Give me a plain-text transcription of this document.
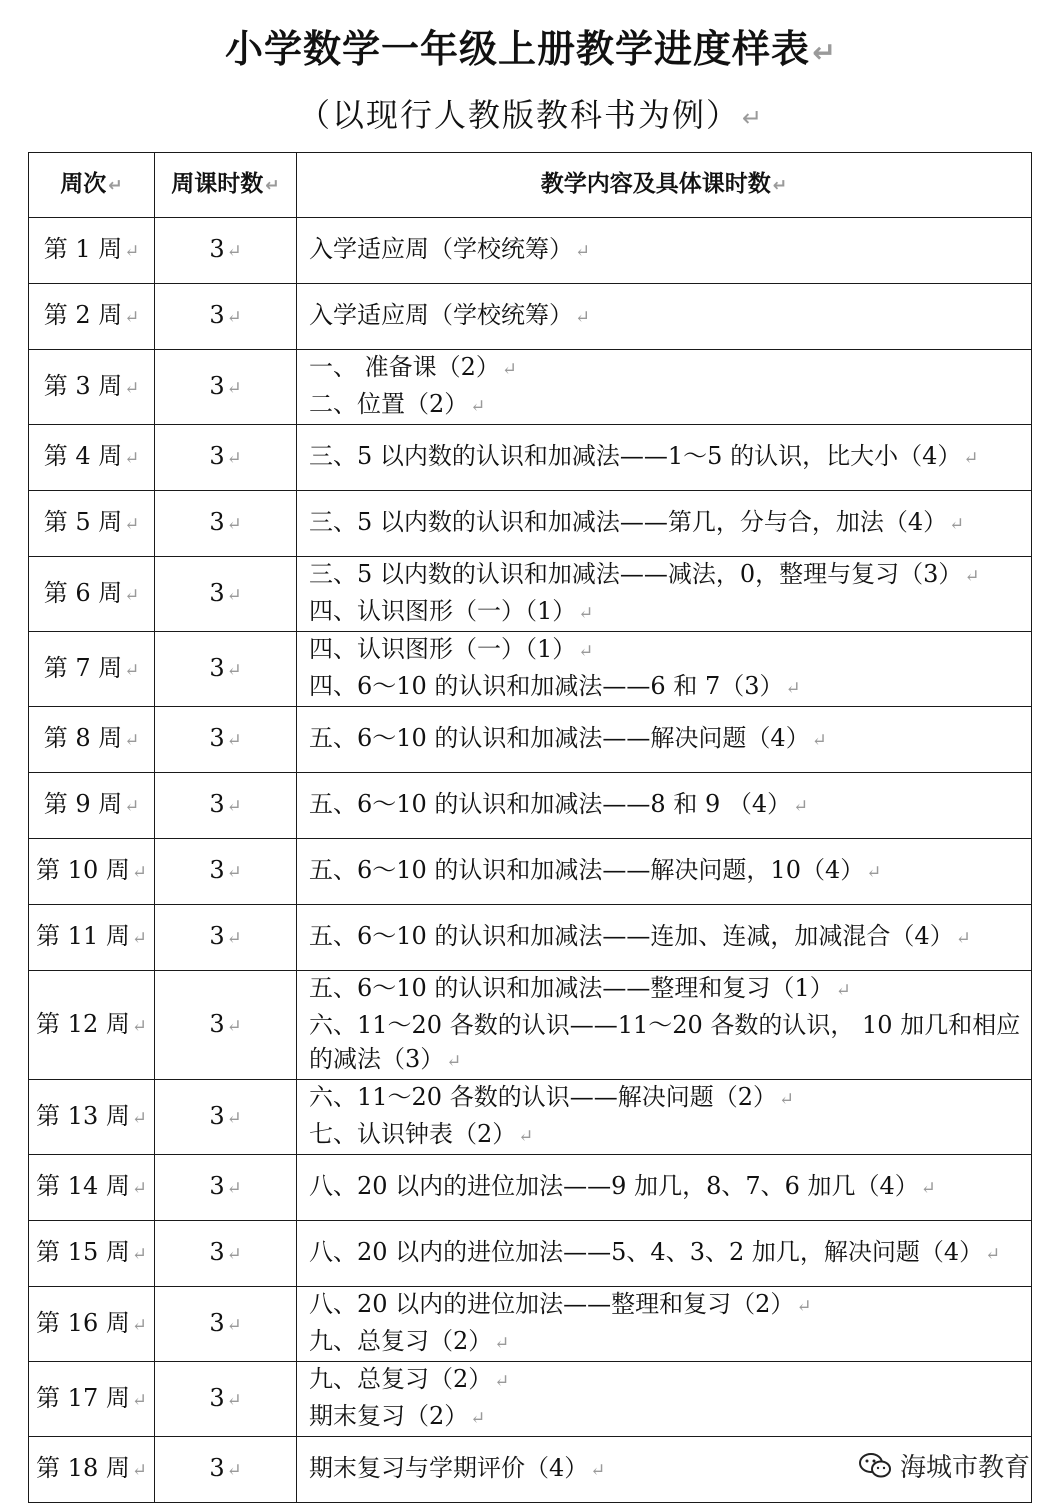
小学数学一年级上册教学进度样表↵
（以现行人教版教科书为例）↵
周次 ↵	周课时数 ↵	教学内容及具体课时数 ↵
第 1 周 ↵	3 ↵	入学适应周（学校统筹） ↵

第 2 周 ↵	3 ↵	入学适应周（学校统筹） ↵

第 3 周 ↵	3 ↵	一、 准备课（2） ↵
二、位置（2） ↵

第 4 周 ↵	3 ↵	三、5 以内数的认识和加减法——1～5 的认识，比大小（4） ↵

第 5 周 ↵	3 ↵	三、5 以内数的认识和加减法——第几，分与合，加法（4） ↵

第 6 周 ↵	3 ↵	三、5 以内数的认识和加减法——减法，0，整理与复习（3） ↵
四、认识图形（一）（1） ↵

第 7 周 ↵	3 ↵	四、认识图形（一）（1） ↵
四、6～10 的认识和加减法——6 和 7（3） ↵

第 8 周 ↵	3 ↵	五、6～10 的认识和加减法——解决问题（4） ↵

第 9 周 ↵	3 ↵	五、6～10 的认识和加减法——8 和 9 （4） ↵

第 10 周 ↵	3 ↵	五、6～10 的认识和加减法——解决问题，10（4） ↵

第 11 周 ↵	3 ↵	五、6～10 的认识和加减法——连加、连减，加减混合（4） ↵

第 12 周 ↵	3 ↵	五、6～10 的认识和加减法——整理和复习（1） ↵
六、11～20 各数的认识——11～20 各数的认识， 10 加几和相应的减法（3） ↵

第 13 周 ↵	3 ↵	六、11～20 各数的认识——解决问题（2） ↵
七、认识钟表（2） ↵

第 14 周 ↵	3 ↵	八、20 以内的进位加法——9 加几，8、7、6 加几（4） ↵

第 15 周 ↵	3 ↵	八、20 以内的进位加法——5、4、3、2 加几，解决问题（4） ↵

第 16 周 ↵	3 ↵	八、20 以内的进位加法——整理和复习（2） ↵
九、总复习（2） ↵

第 17 周 ↵	3 ↵	九、总复习（2） ↵
期末复习（2） ↵

第 18 周 ↵	3 ↵	期末复习与学期评价（4） ↵	海城市教育
